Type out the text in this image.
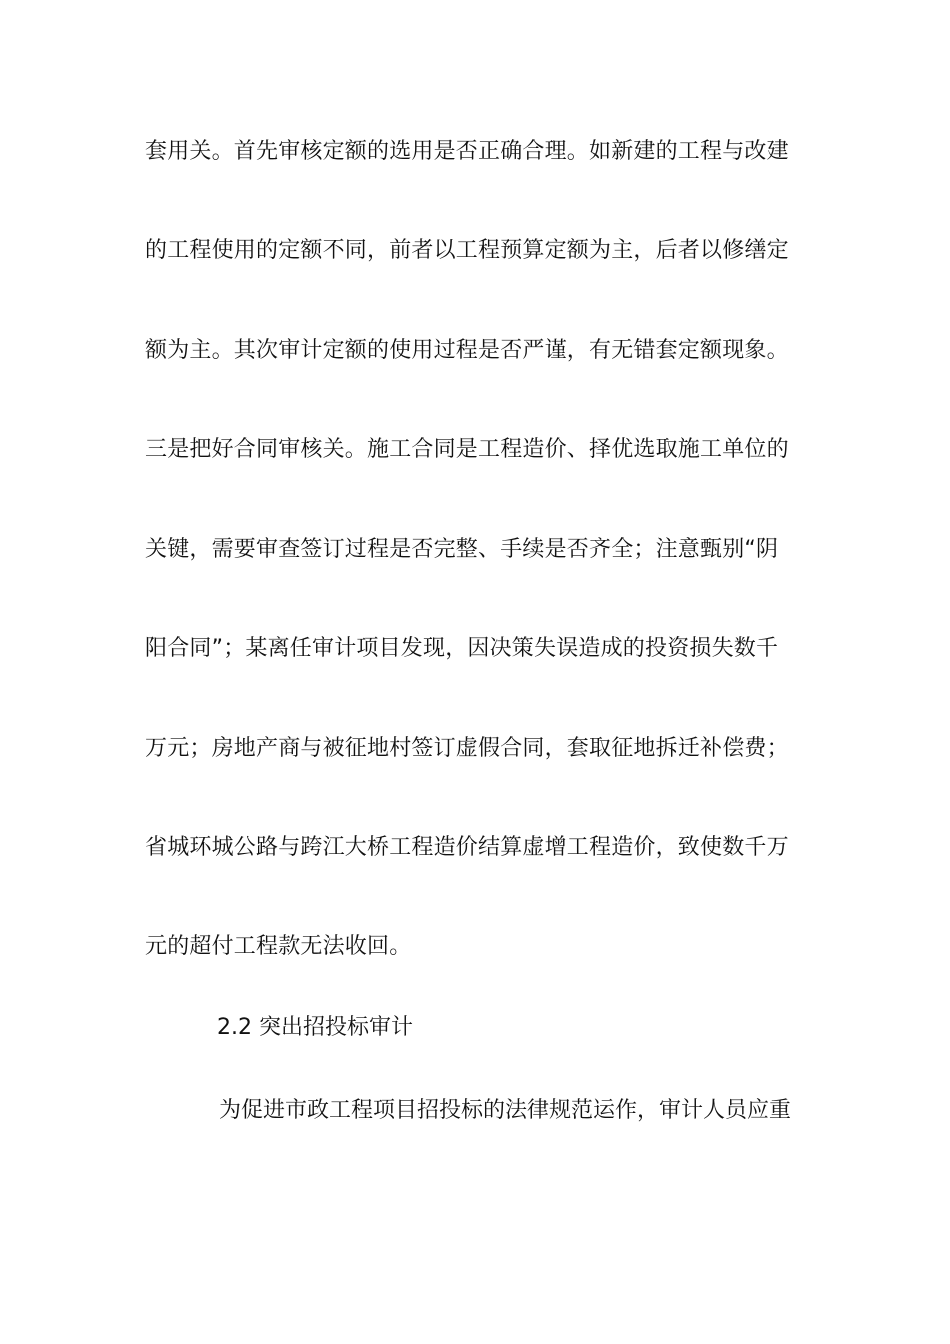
套用关。首先审核定额的选用是否正确合理。如新建的工程与改建
的工程使用的定额不同，前者以工程预算定额为主，后者以修缮定
额为主。其次审计定额的使用过程是否严谨，有无错套定额现象。
三是把好合同审核关。施工合同是工程造价、择优选取施工单位的
关键，需要审查签订过程是否完整、手续是否齐全；注意甄别“阴
阳合同”；某离任审计项目发现，因决策失误造成的投资损失数千
万元；房地产商与被征地村签订虚假合同，套取征地拆迁补偿费；
省城环城公路与跨江大桥工程造价结算虚增工程造价，致使数千万
元的超付工程款无法收回。
2.2 突出招投标审计
为促进市政工程项目招投标的法律规范运作，审计人员应重
